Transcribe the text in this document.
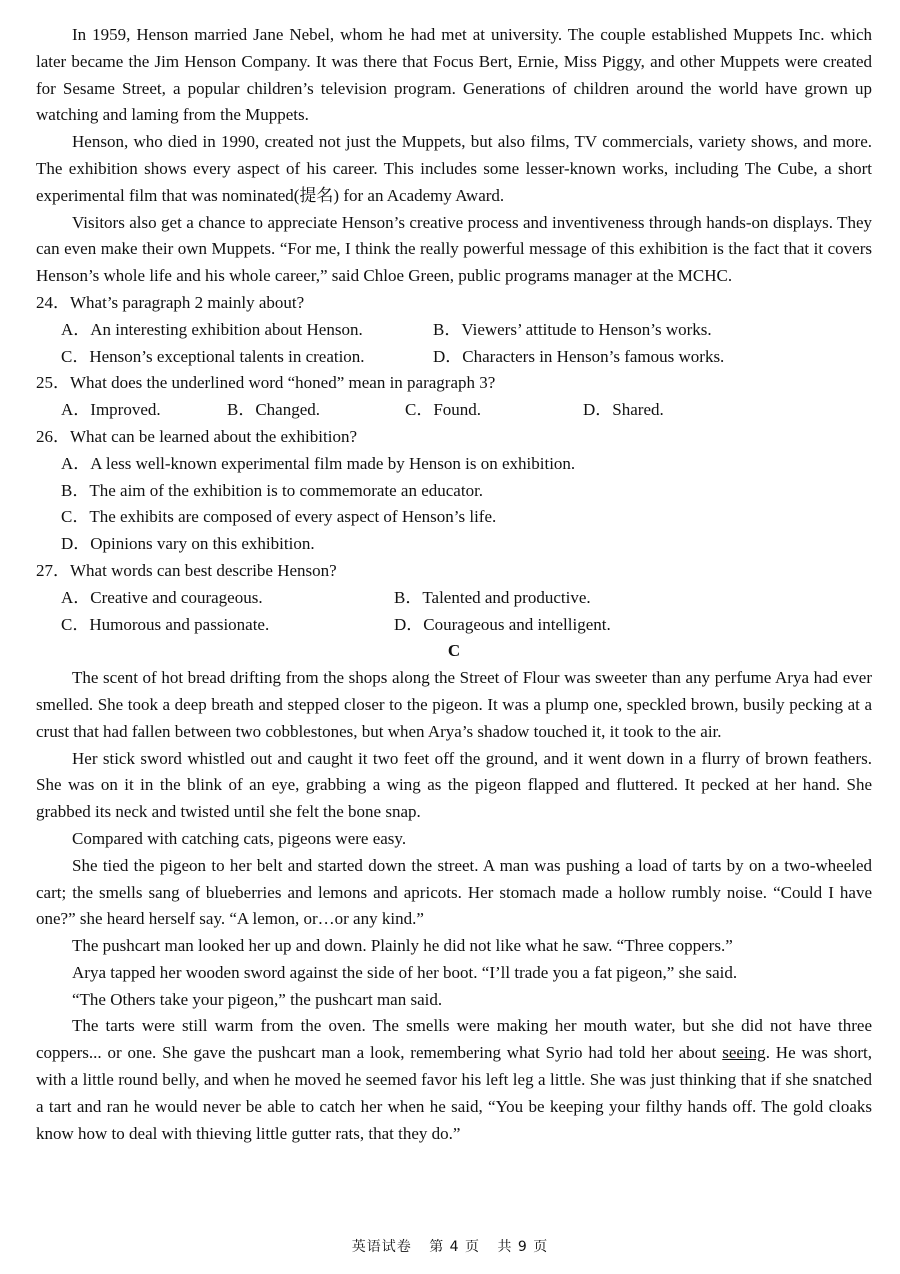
In 1959, Henson married Jane Nebel, whom he had met at university. The couple established Muppets Inc. which later became the Jim Henson Company. It was there that Focus Bert, Ernie, Miss Piggy, and other Muppets were created for Sesame Street, a popular children’s television program. Generations of children around the world have grown up watching and laming from the Muppets.

Henson, who died in 1990, created not just the Muppets, but also films, TV commercials, variety shows, and more. The exhibition shows every aspect of his career. This includes some lesser-known works, including The Cube, a short experimental film that was nominated(提名) for an Academy Award.

Visitors also get a chance to appreciate Henson’s creative process and inventiveness through hands-on displays. They can even make their own Muppets. “For me, I think the really powerful message of this exhibition is the fact that it covers Henson’s whole life and his whole career,” said Chloe Green, public programs manager at the MCHC.

24．What’s paragraph 2 mainly about?

A．An interesting exhibition about Henson.	B．Viewers’ attitude to Henson’s works.
C．Henson’s exceptional talents in creation.	D．Characters in Henson’s famous works.

25．What does the underlined word “honed” mean in paragraph 3?

A．Improved.	B．Changed.	C．Found.	D．Shared.

26．What can be learned about the exhibition?

A．A less well-known experimental film made by Henson is on exhibition.

B．The aim of the exhibition is to commemorate an educator.

C．The exhibits are composed of every aspect of Henson’s life.

D．Opinions vary on this exhibition.

27．What words can best describe Henson?

A．Creative and courageous.	B．Talented and productive.
C．Humorous and passionate.	D．Courageous and intelligent.

C

The scent of hot bread drifting from the shops along the Street of Flour was sweeter than any perfume Arya had ever smelled. She took a deep breath and stepped closer to the pigeon. It was a plump one, speckled brown, busily pecking at a crust that had fallen between two cobblestones, but when Arya’s shadow touched it, it took to the air.

Her stick sword whistled out and caught it two feet off the ground, and it went down in a flurry of brown feathers. She was on it in the blink of an eye, grabbing a wing as the pigeon flapped and fluttered. It pecked at her hand. She grabbed its neck and twisted until she felt the bone snap.

Compared with catching cats, pigeons were easy.

She tied the pigeon to her belt and started down the street. A man was pushing a load of tarts by on a two-wheeled cart; the smells sang of blueberries and lemons and apricots. Her stomach made a hollow rumbly noise. “Could I have one?” she heard herself say. “A lemon, or…or any kind.”

The pushcart man looked her up and down. Plainly he did not like what he saw. “Three coppers.”

Arya tapped her wooden sword against the side of her boot. “I’ll trade you a fat pigeon,” she said.

“The Others take your pigeon,” the pushcart man said.

The tarts were still warm from the oven. The smells were making her mouth water, but she did not have three coppers... or one. She gave the pushcart man a look, remembering what Syrio had told her about seeing. He was short, with a little round belly, and when he moved he seemed favor his left leg a little. She was just thinking that if she snatched a tart and ran he would never be able to catch her when he said, “You be keeping your filthy hands off. The gold cloaks know how to deal with thieving little gutter rats, that they do.”

英语试卷 第 4 页 共 9 页
